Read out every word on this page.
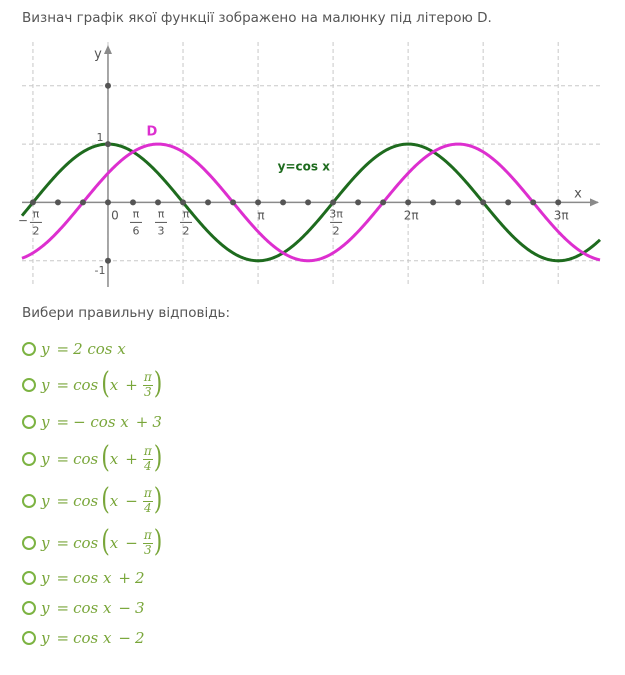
Визнач графік якої функції зображено на малюнку під літерою D.
x
y
D
y=cos x
1
-1
− π
2
0 π
6
π
3
π
2
π	3π
2
2π	3π
Вибери правильну відповідь:
y = 2 cos x
y = cos ( $x + \frac{\pi}{3}$ )
y = − cos x + 3
y = cos ( $x + \frac{\pi}{4}$ )
y = cos ( $x - \frac{\pi}{4}$ )
y = cos ( $x - \frac{\pi}{3}$ )
y = cos x + 2
y = cos x − 3
y = cos x − 2
